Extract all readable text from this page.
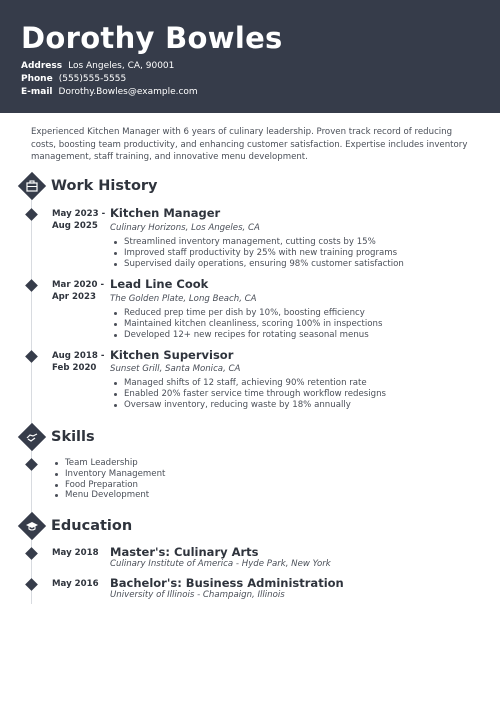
Dorothy Bowles
Address Los Angeles, CA, 90001
Phone (555)555-5555
E-mail Dorothy.Bowles@example.com
Experienced Kitchen Manager with 6 years of culinary leadership. Proven track record of reducing costs, boosting team productivity, and enhancing customer satisfaction. Expertise includes inventory management, staff training, and innovative menu development.
Work History
May 2023 - Aug 2025
Kitchen Manager
Culinary Horizons, Los Angeles, CA
Streamlined inventory management, cutting costs by 15%
Improved staff productivity by 25% with new training programs
Supervised daily operations, ensuring 98% customer satisfaction
Mar 2020 - Apr 2023
Lead Line Cook
The Golden Plate, Long Beach, CA
Reduced prep time per dish by 10%, boosting efficiency
Maintained kitchen cleanliness, scoring 100% in inspections
Developed 12+ new recipes for rotating seasonal menus
Aug 2018 - Feb 2020
Kitchen Supervisor
Sunset Grill, Santa Monica, CA
Managed shifts of 12 staff, achieving 90% retention rate
Enabled 20% faster service time through workflow redesigns
Oversaw inventory, reducing waste by 18% annually
Skills
Team Leadership
Inventory Management
Food Preparation
Menu Development
Education
May 2018 Master's: Culinary Arts
Culinary Institute of America - Hyde Park, New York
May 2016 Bachelor's: Business Administration
University of Illinois - Champaign, Illinois
